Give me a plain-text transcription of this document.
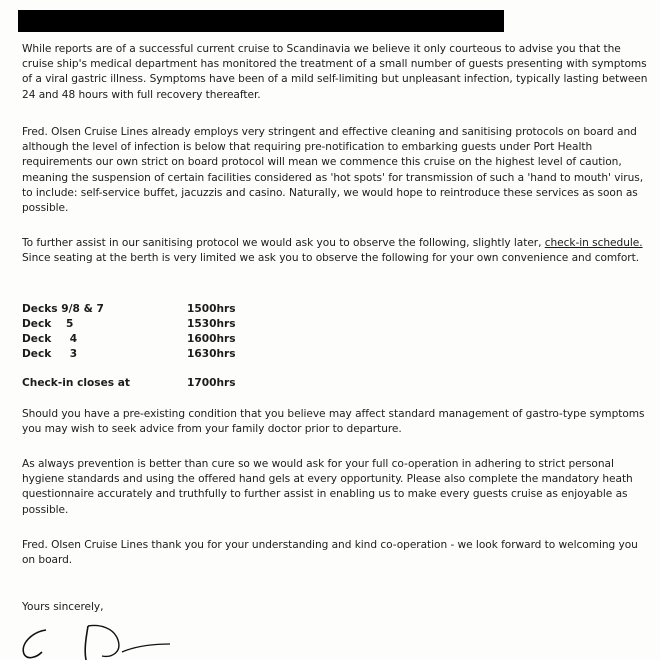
While reports are of a successful current cruise to Scandinavia we believe it only courteous to advise you that the cruise ship's medical department has monitored the treatment of a small number of guests presenting with symptoms of a viral gastric illness. Symptoms have been of a mild self-limiting but unpleasant infection, typically lasting between 24 and 48 hours with full recovery thereafter.

Fred. Olsen Cruise Lines already employs very stringent and effective cleaning and sanitising protocols on board and although the level of infection is below that requiring pre-notification to embarking guests under Port Health requirements our own strict on board protocol will mean we commence this cruise on the highest level of caution, meaning the suspension of certain facilities considered as 'hot spots' for transmission of such a 'hand to mouth' virus, to include: self-service buffet, jacuzzis and casino. Naturally, we would hope to reintroduce these services as soon as possible.

To further assist in our sanitising protocol we would ask you to observe the following, slightly later, check-in schedule. Since seating at the berth is very limited we ask you to observe the following for your own convenience and comfort.

Decks 9/8 & 7	1500hrs
Deck    5	1530hrs
Deck     4	1600hrs
Deck     3	1630hrs
Check-in closes at	1700hrs

Should you have a pre-existing condition that you believe may affect standard management of gastro-type symptoms you may wish to seek advice from your family doctor prior to departure.

As always prevention is better than cure so we would ask for your full co-operation in adhering to strict personal hygiene standards and using the offered hand gels at every opportunity. Please also complete the mandatory heath questionnaire accurately and truthfully to further assist in enabling us to make every guests cruise as enjoyable as possible.

Fred. Olsen Cruise Lines thank you for your understanding and kind co-operation - we look forward to welcoming you on board.

Yours sincerely,
